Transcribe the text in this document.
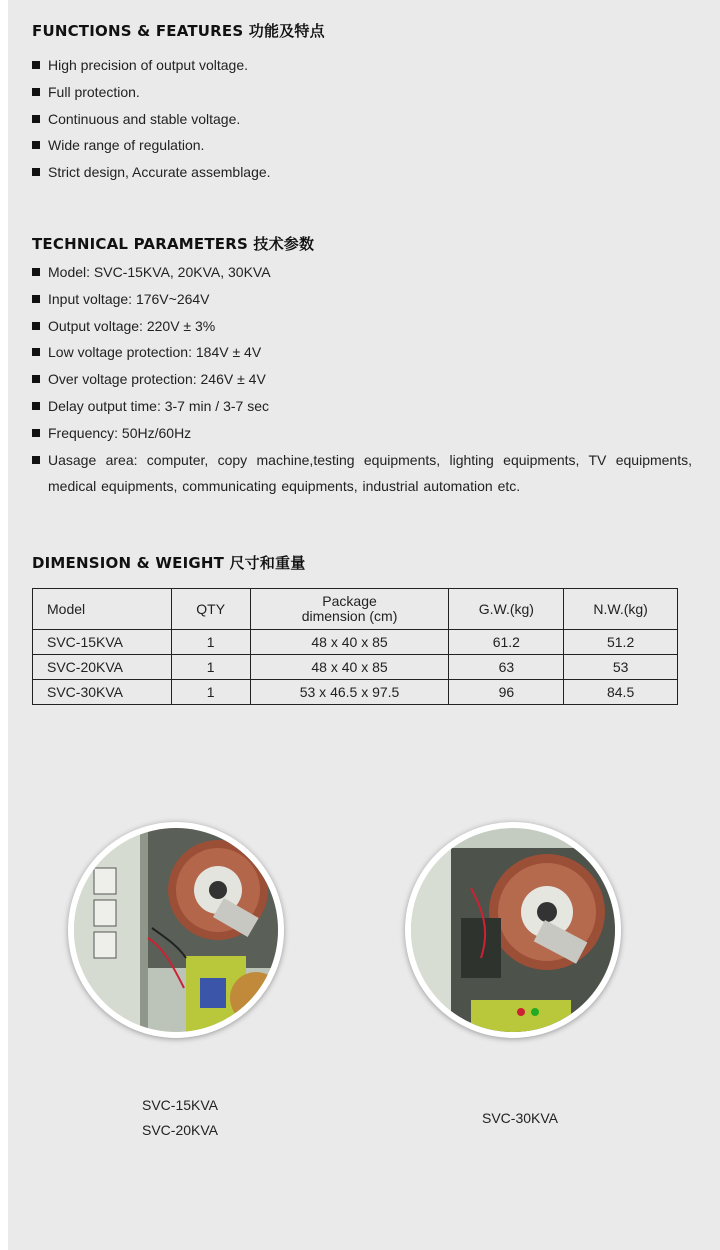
FUNCTIONS & FEATURES 功能及特点
High precision of output voltage.
Full protection.
Continuous and stable voltage.
Wide range of regulation.
Strict design, Accurate assemblage.
TECHNICAL PARAMETERS 技术参数
Model: SVC-15KVA, 20KVA, 30KVA
Input voltage: 176V~264V
Output voltage: 220V ± 3%
Low voltage protection: 184V ± 4V
Over voltage protection: 246V ± 4V
Delay output time: 3-7 min / 3-7 sec
Frequency: 50Hz/60Hz
Uasage area: computer, copy machine,testing equipments, lighting equipments, TV equipments, medical equipments, communicating equipments, industrial automation etc.
DIMENSION & WEIGHT 尺寸和重量
Model	QTY	Package dimension (cm)	G.W.(kg)	N.W.(kg)
SVC-15KVA	1	48 x 40 x 85	61.2	51.2
SVC-20KVA	1	48 x 40 x 85	63	53
SVC-30KVA	1	53 x 46.5 x 97.5	96	84.5
SVC-15KVA
SVC-20KVA
SVC-30KVA
